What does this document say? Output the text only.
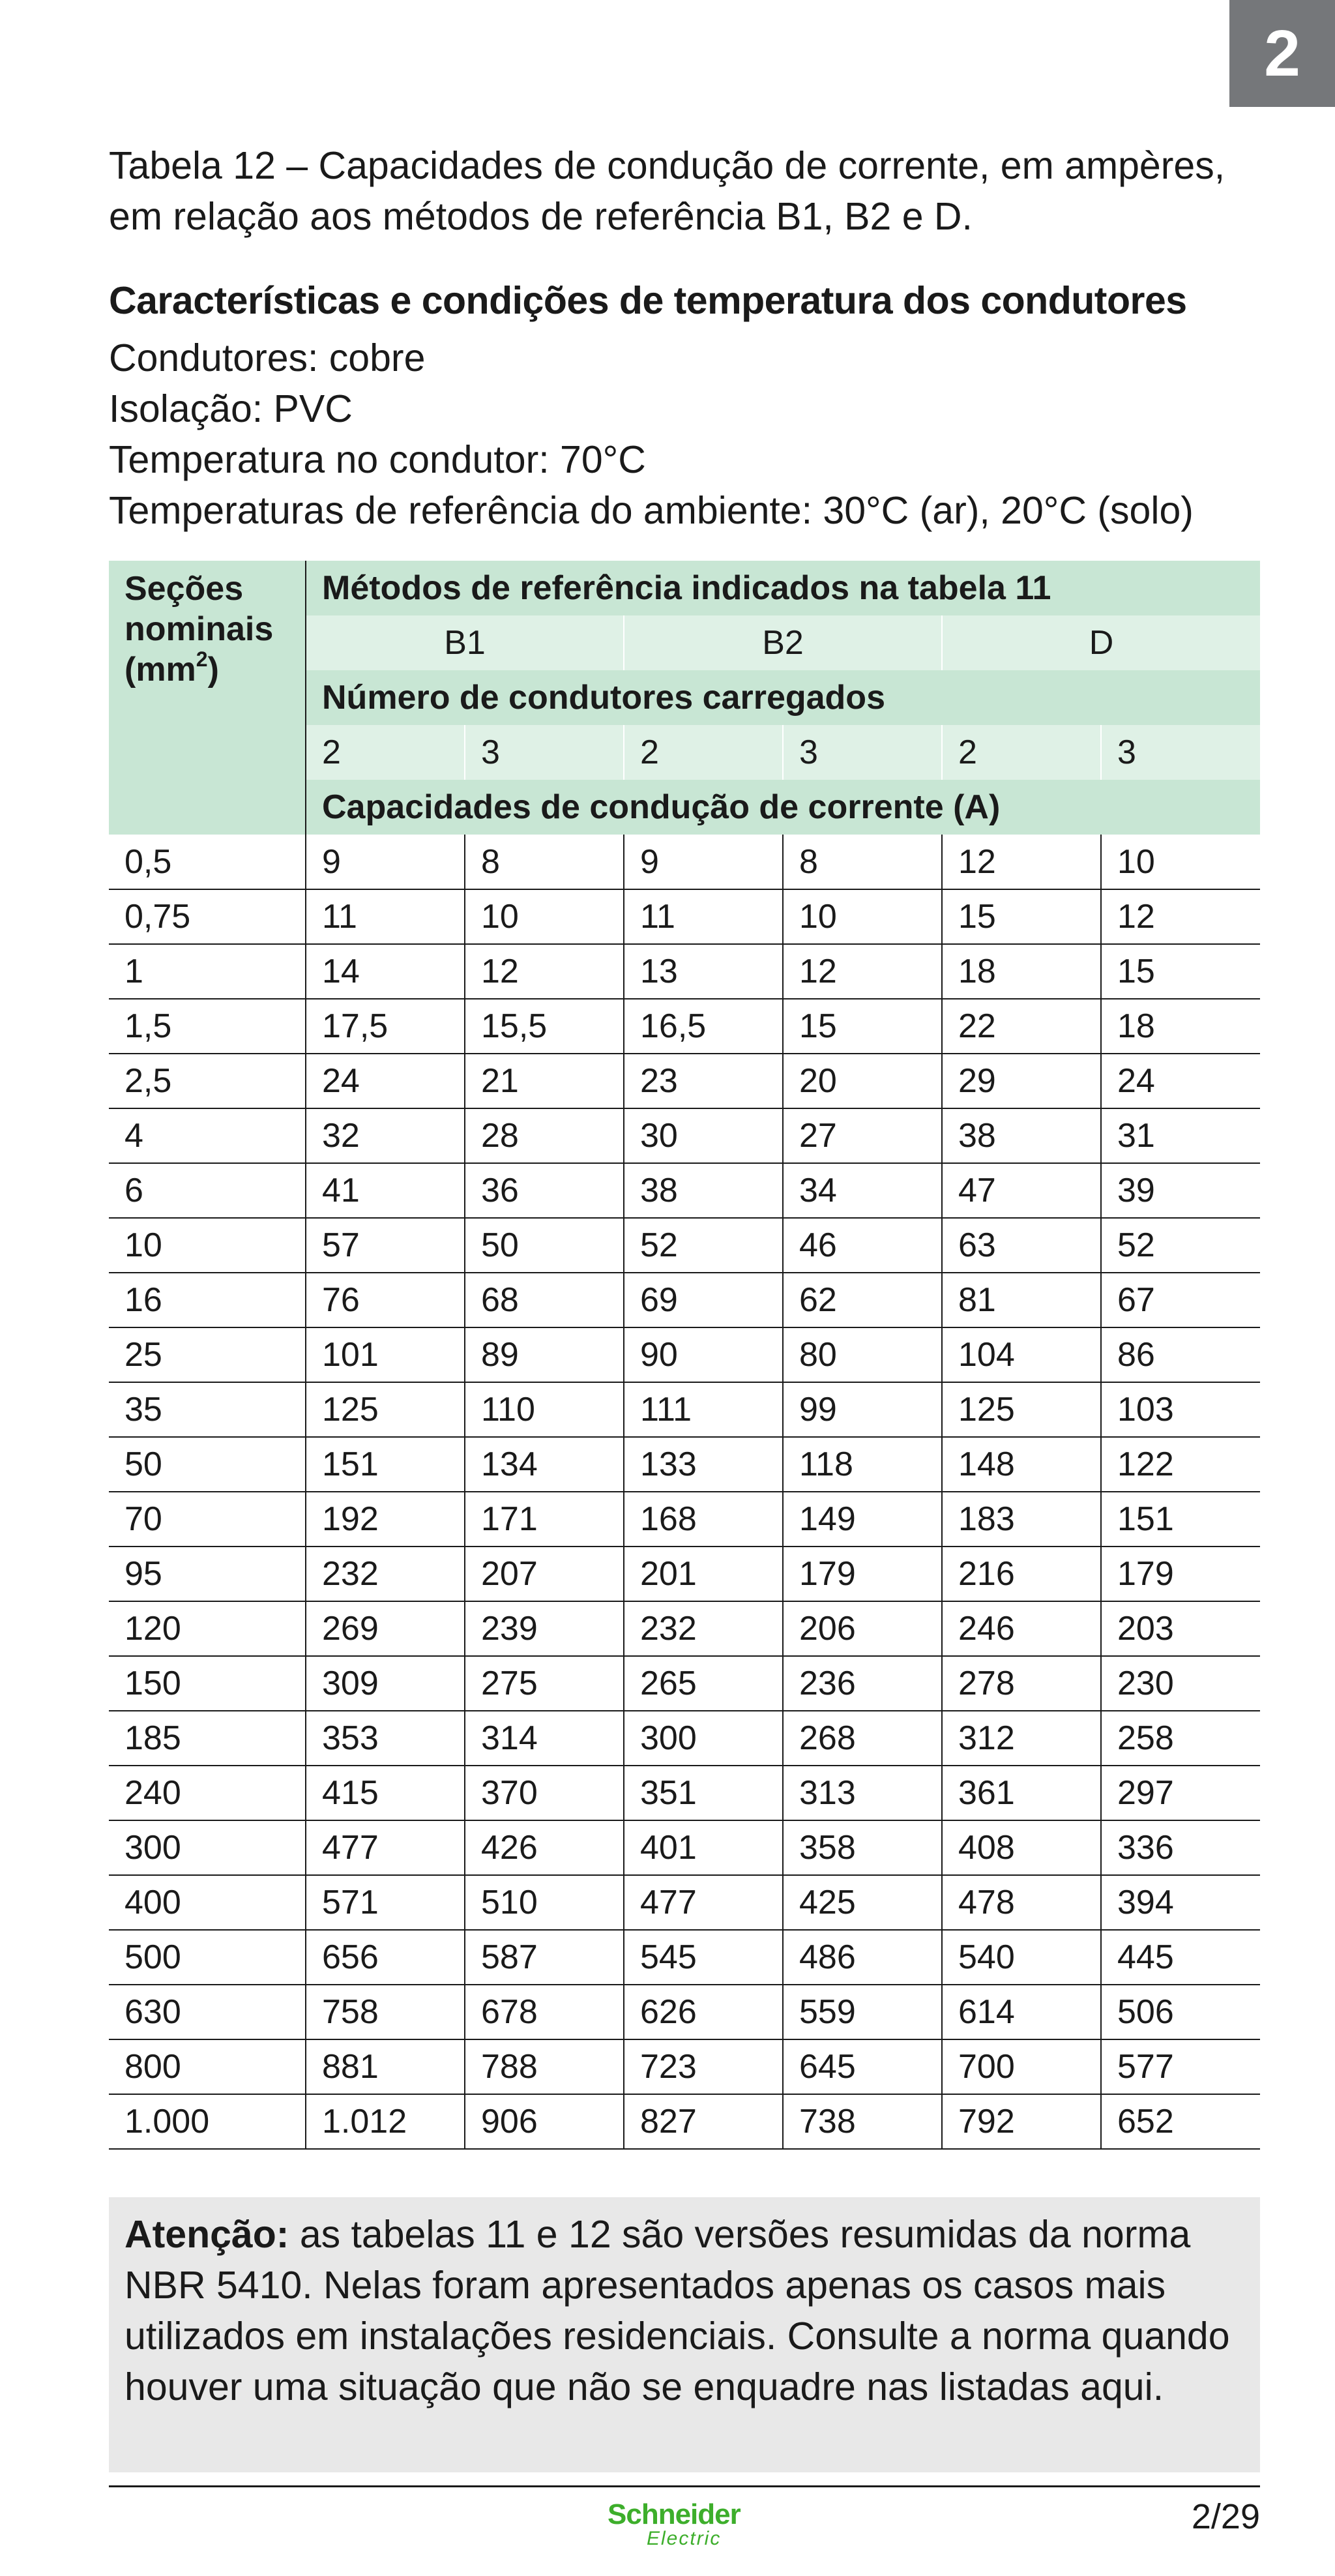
2
Tabela 12 – Capacidades de condução de corrente, em ampères, em relação aos métodos de referência B1, B2 e D.
Características e condições de temperatura dos condutores
Condutores: cobre
Isolação: PVC
Temperatura no condutor: 70°C
Temperaturas de referência do ambiente: 30°C (ar), 20°C (solo)
Seções
nominais
$(mm^2)$	Métodos de referência indicados na tabela 11					
	B1		B2		D	
	Número de condutores carregados					
	2	3	2	3	2	3
	Capacidades de condução de corrente (A)					
0,5	9	8	9	8	12	10
0,75	11	10	11	10	15	12
1	14	12	13	12	18	15
1,5	17,5	15,5	16,5	15	22	18
2,5	24	21	23	20	29	24
4	32	28	30	27	38	31
6	41	36	38	34	47	39
10	57	50	52	46	63	52
16	76	68	69	62	81	67
25	101	89	90	80	104	86
35	125	110	111	99	125	103
50	151	134	133	118	148	122
70	192	171	168	149	183	151
95	232	207	201	179	216	179
120	269	239	232	206	246	203
150	309	275	265	236	278	230
185	353	314	300	268	312	258
240	415	370	351	313	361	297
300	477	426	401	358	408	336
400	571	510	477	425	478	394
500	656	587	545	486	540	445
630	758	678	626	559	614	506
800	881	788	723	645	700	577
1.000	1.012	906	827	738	792	652
Atenção: as tabelas 11 e 12 são versões resumidas da norma NBR 5410. Nelas foram apresentados apenas os casos mais utilizados em instalações residenciais. Consulte a norma quando houver uma situação que não se enquadre nas listadas aqui.
Schneider
Electric
2/29
